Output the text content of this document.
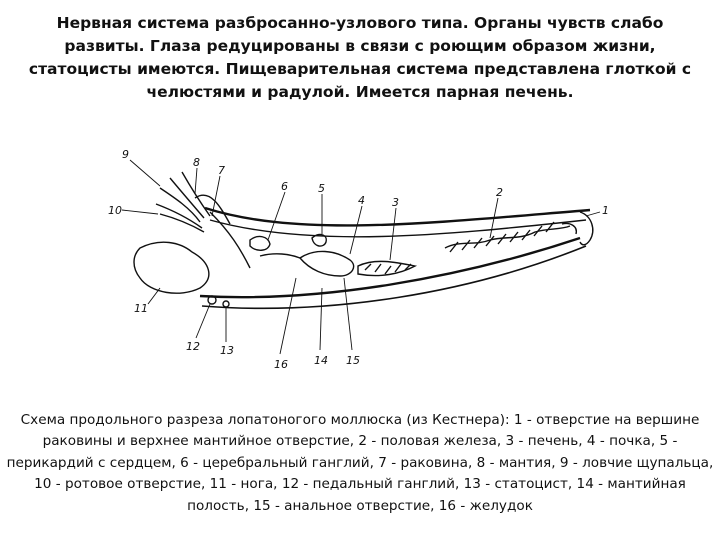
Нервная система разбросанно-узлового типа. Органы чувств слабо развиты. Глаза редуцированы в связи с роющим образом жизни, статоцисты имеются. Пищеварительная система представлена глоткой с челюстями и радулой. Имеется парная печень.
1
2
3
4
5
6
7
8
9
10
11
12 13
14 15
16
Схема продольного разреза лопатоногого моллюска (из Кестнера): 1 - отверстие на вершине раковины и верхнее мантийное отверстие, 2 - половая железа, 3 - печень, 4 - почка, 5 - перикардий с сердцем, 6 - церебральный ганглий, 7 - раковина, 8 - мантия, 9 - ловчие щупальца, 10 - ротовое отверстие, 11 - нога, 12 - педальный ганглий, 13 - статоцист, 14 - мантийная полость, 15 - анальное отверстие, 16 - желудок
